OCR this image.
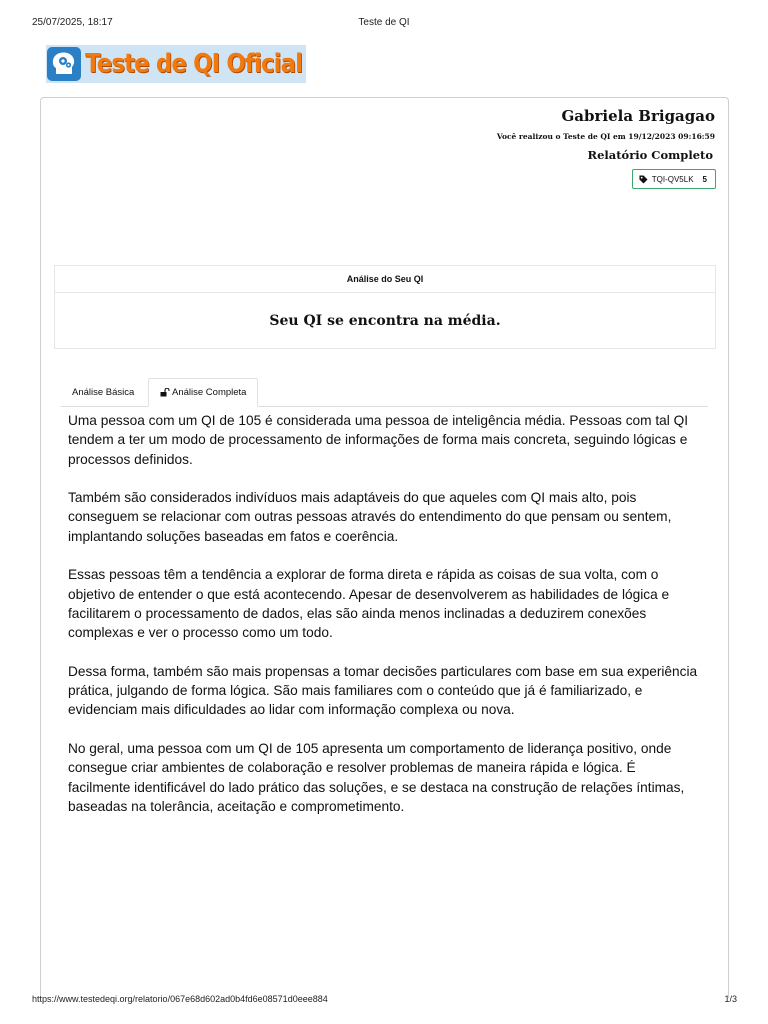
25/07/2025, 18:17	Teste de QI
Teste de QI Oficial
Gabriela Brigagao
Você realizou o Teste de QI em 19/12/2023 09:16:59
Relatório Completo
TQI-QV5LK 5
Análise do Seu QI
Seu QI se encontra na média.
Análise Básica	Análise Completa

Uma pessoa com um QI de 105 é considerada uma pessoa de inteligência média. Pessoas com tal QI tendem a ter um modo de processamento de informações de forma mais concreta, seguindo lógicas e processos definidos.

Também são considerados indivíduos mais adaptáveis do que aqueles com QI mais alto, pois conseguem se relacionar com outras pessoas através do entendimento do que pensam ou sentem, implantando soluções baseadas em fatos e coerência.

Essas pessoas têm a tendência a explorar de forma direta e rápida as coisas de sua volta, com o objetivo de entender o que está acontecendo. Apesar de desenvolverem as habilidades de lógica e facilitarem o processamento de dados, elas são ainda menos inclinadas a deduzirem conexões complexas e ver o processo como um todo.

Dessa forma, também são mais propensas a tomar decisões particulares com base em sua experiência prática, julgando de forma lógica. São mais familiares com o conteúdo que já é familiarizado, e evidenciam mais dificuldades ao lidar com informação complexa ou nova.

No geral, uma pessoa com um QI de 105 apresenta um comportamento de liderança positivo, onde consegue criar ambientes de colaboração e resolver problemas de maneira rápida e lógica. É facilmente identificável do lado prático das soluções, e se destaca na construção de relações íntimas, baseadas na tolerância, aceitação e comprometimento.

https://www.testedeqi.org/relatorio/067e68d602ad0b4fd6e08571d0eee884	1/3
